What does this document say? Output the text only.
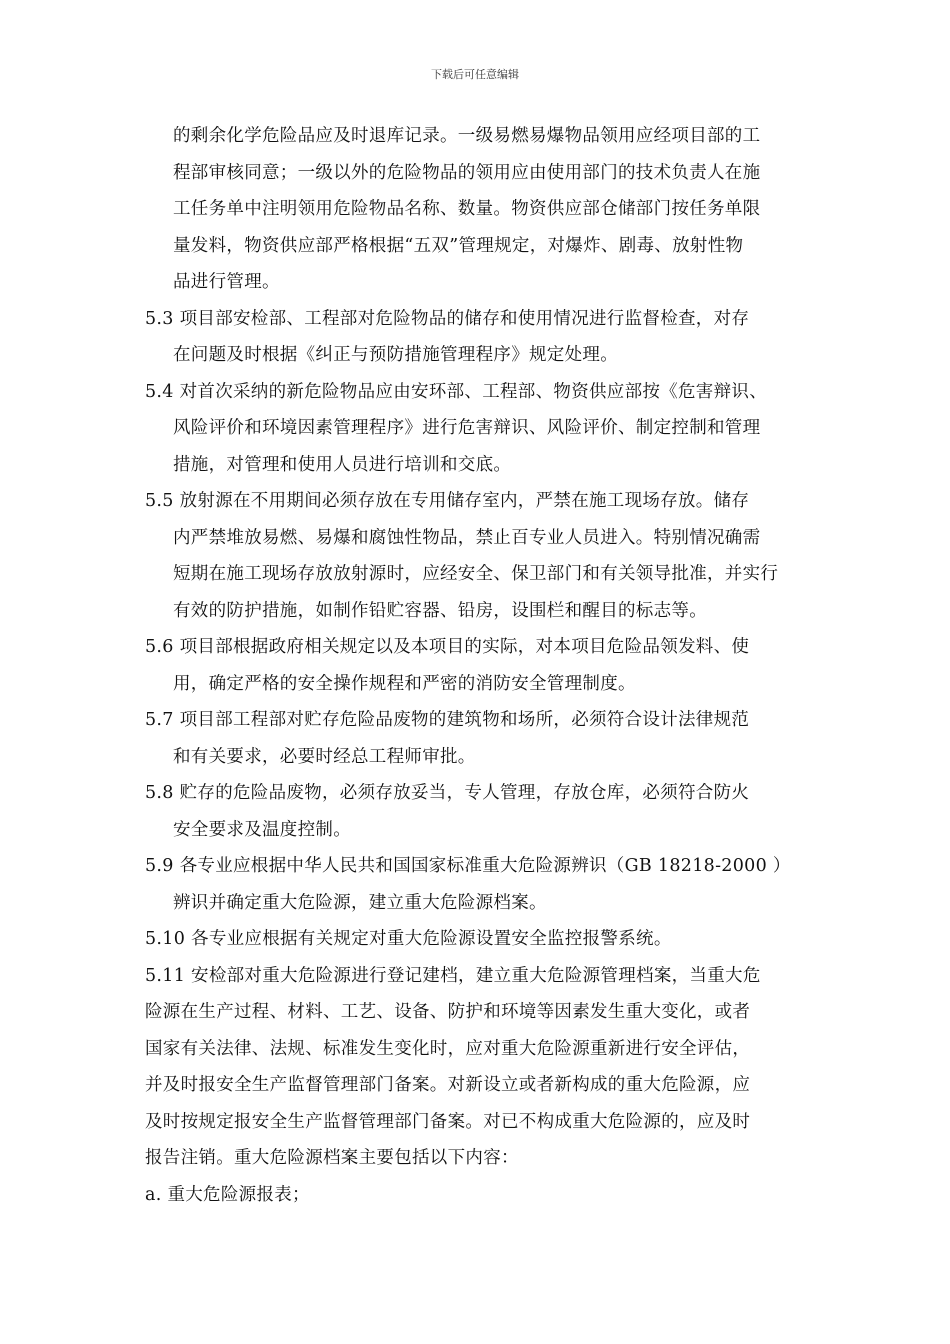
下载后可任意编辑
的剩余化学危险品应及时退库记录。一级易燃易爆物品领用应经项目部的工
程部审核同意；一级以外的危险物品的领用应由使用部门的技术负责人在施
工任务单中注明领用危险物品名称、数量。物资供应部仓储部门按任务单限
量发料，物资供应部严格根据“五双”管理规定，对爆炸、剧毒、放射性物
品进行管理。
5.3 项目部安检部、工程部对危险物品的储存和使用情况进行监督检查，对存
在问题及时根据《纠正与预防措施管理程序》规定处理。
5.4 对首次采纳的新危险物品应由安环部、工程部、物资供应部按《危害辩识、
风险评价和环境因素管理程序》进行危害辩识、风险评价、制定控制和管理
措施，对管理和使用人员进行培训和交底。
5.5 放射源在不用期间必须存放在专用储存室内，严禁在施工现场存放。储存
内严禁堆放易燃、易爆和腐蚀性物品，禁止百专业人员进入。特别情况确需
短期在施工现场存放放射源时，应经安全、保卫部门和有关领导批准，并实行
有效的防护措施，如制作铅贮容器、铅房，设围栏和醒目的标志等。
5.6 项目部根据政府相关规定以及本项目的实际，对本项目危险品领发料、使
用，确定严格的安全操作规程和严密的消防安全管理制度。
5.7 项目部工程部对贮存危险品废物的建筑物和场所，必须符合设计法律规范
和有关要求，必要时经总工程师审批。
5.8 贮存的危险品废物，必须存放妥当，专人管理，存放仓库，必须符合防火
安全要求及温度控制。
5.9 各专业应根据中华人民共和国国家标准重大危险源辨识（GB 18218-2000 ）
辨识并确定重大危险源，建立重大危险源档案。
5.10 各专业应根据有关规定对重大危险源设置安全监控报警系统。
5.11 安检部对重大危险源进行登记建档，建立重大危险源管理档案，当重大危
险源在生产过程、材料、工艺、设备、防护和环境等因素发生重大变化，或者
国家有关法律、法规、标准发生变化时，应对重大危险源重新进行安全评估，
并及时报安全生产监督管理部门备案。对新设立或者新构成的重大危险源，应
及时按规定报安全生产监督管理部门备案。对已不构成重大危险源的，应及时
报告注销。重大危险源档案主要包括以下内容：
a. 重大危险源报表；
